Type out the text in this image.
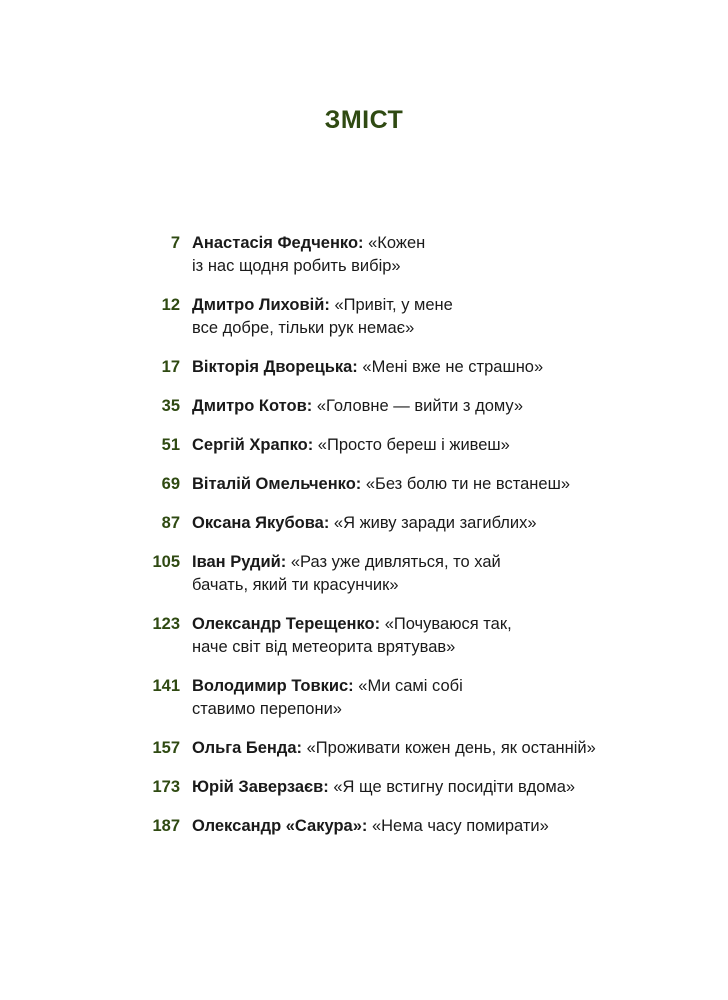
ЗМІСТ
7 Анастасія Федченко: «Кожен
із нас щодня робить вибір»
12 Дмитро Лиховій: «Привіт, у мене
все добре, тільки рук немає»
17 Вікторія Дворецька: «Мені вже не страшно»
35 Дмитро Котов: «Головне — вийти з дому»
51 Сергій Храпко: «Просто береш і живеш»
69 Віталій Омельченко: «Без болю ти не встанеш»
87 Оксана Якубова: «Я живу заради загиблих»
105 Іван Рудий: «Раз уже дивляться, то хай
бачать, який ти красунчик»
123 Олександр Терещенко: «Почуваюся так,
наче світ від метеорита врятував»
141 Володимир Товкис: «Ми самі собі
ставимо перепони»
157 Ольга Бенда: «Проживати кожен день, як останній»
173 Юрій Заверзаєв: «Я ще встигну посидіти вдома»
187 Олександр «Сакура»: «Нема часу помирати»
